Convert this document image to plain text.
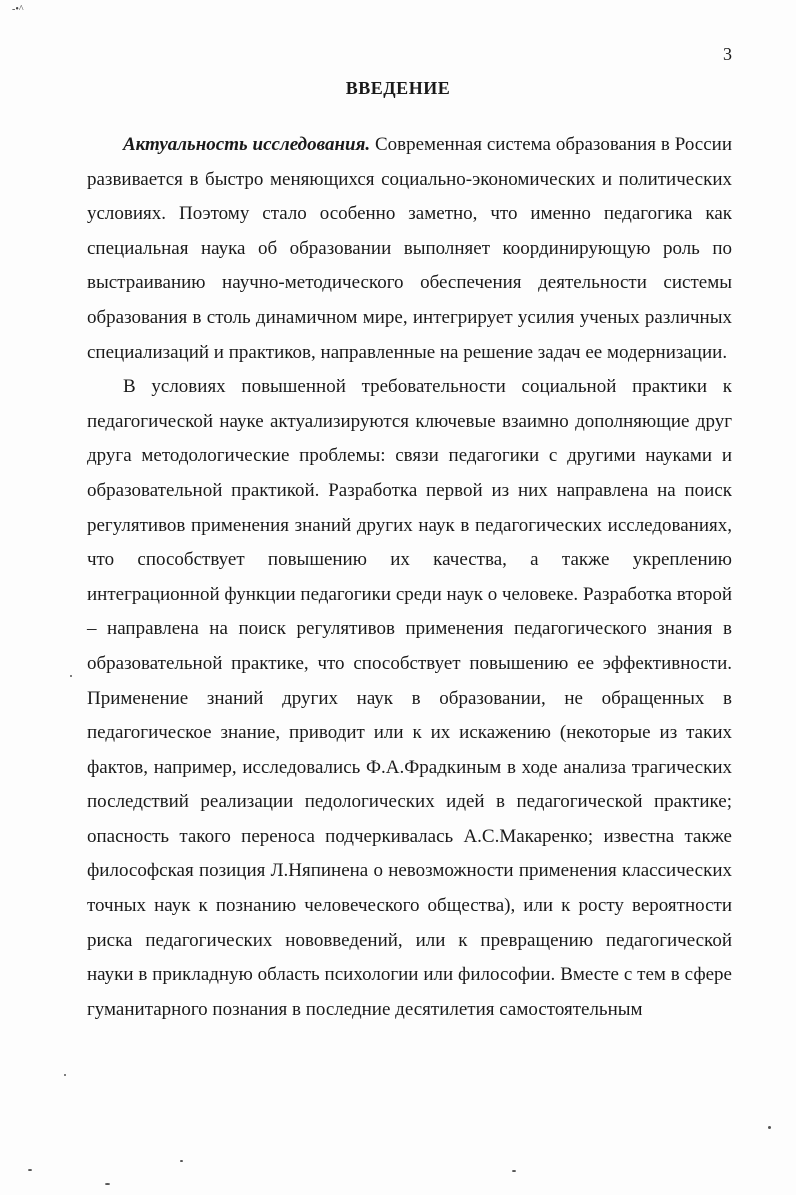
-•^
3
ВВЕДЕНИЕ

Актуальность исследования. Современная система образования в России развивается в быстро меняющихся социально-экономических и политических условиях. Поэтому стало особенно заметно, что именно педагогика как специальная наука об образовании выполняет координирующую роль по выстраиванию научно-методического обеспечения деятельности системы образования в столь динамичном мире, интегрирует усилия ученых различных специализаций и практиков, направленные на решение задач ее модернизации.

В условиях повышенной требовательности социальной практики к педагогической науке актуализируются ключевые взаимно дополняющие друг друга методологические проблемы: связи педагогики с другими науками и образовательной практикой. Разработка первой из них направлена на поиск регулятивов применения знаний других наук в педагогических исследованиях, что способствует повышению их качества, а также укреплению интеграционной функции педагогики среди наук о человеке. Разработка второй – направлена на поиск регулятивов применения педагогического знания в образовательной практике, что способствует повышению ее эффективности. Применение знаний других наук в образовании, не обращенных в педагогическое знание, приводит или к их искажению (некоторые из таких фактов, например, исследовались Ф.А.Фрадкиным в ходе анализа трагических последствий реализации педологических идей в педагогической практике; опасность такого переноса подчеркивалась А.С.Макаренко; известна также философская позиция Л.Няпинена о невозможности применения классических точных наук к познанию человеческого общества), или к росту вероятности риска педагогических нововведений, или к превращению педагогической науки в прикладную область психологии или философии. Вместе с тем в сфере гуманитарного познания в последние десятилетия самостоятельным
